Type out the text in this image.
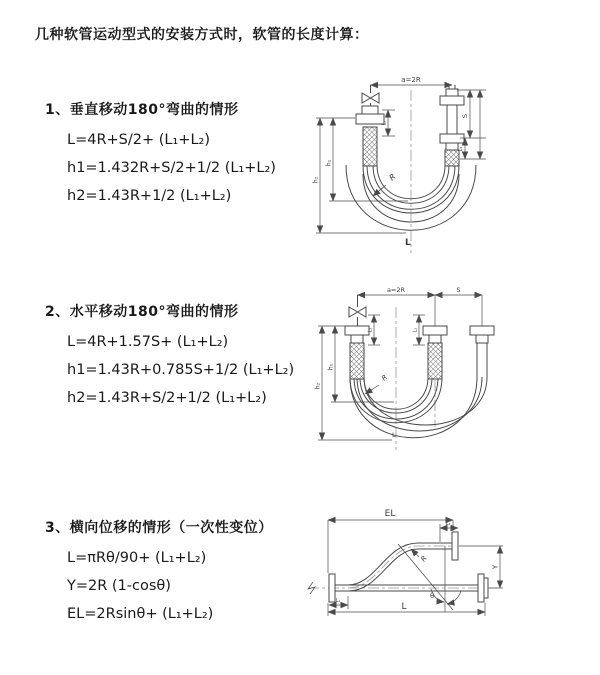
几种软管运动型式的安装方式时，软管的长度计算：
1、垂直移动180°弯曲的情形
L=4R+S/2+ (L₁+L₂)
h1=1.432R+S/2+1/2 (L₁+L₂)
h2=1.43R+1/2 (L₁+L₂)
2、水平移动180°弯曲的情形
L=4R+1.57S+ (L₁+L₂)
h1=1.43R+0.785S+1/2 (L₁+L₂)
h2=1.43R+S/2+1/2 (L₁+L₂)
3、横向位移的情形（一次性变位）
L=πRθ/90+ (L₁+L₂)
Y=2R (1-cosθ)
EL=2Rsinθ+ (L₁+L₂)
a=2R
h₂
h₁
L₁
S
L₂
R
L
a=2R	S
h₂
h₁
L₁	L₂
R
L
EL
L₂
Y
R
θ
L
L₁
